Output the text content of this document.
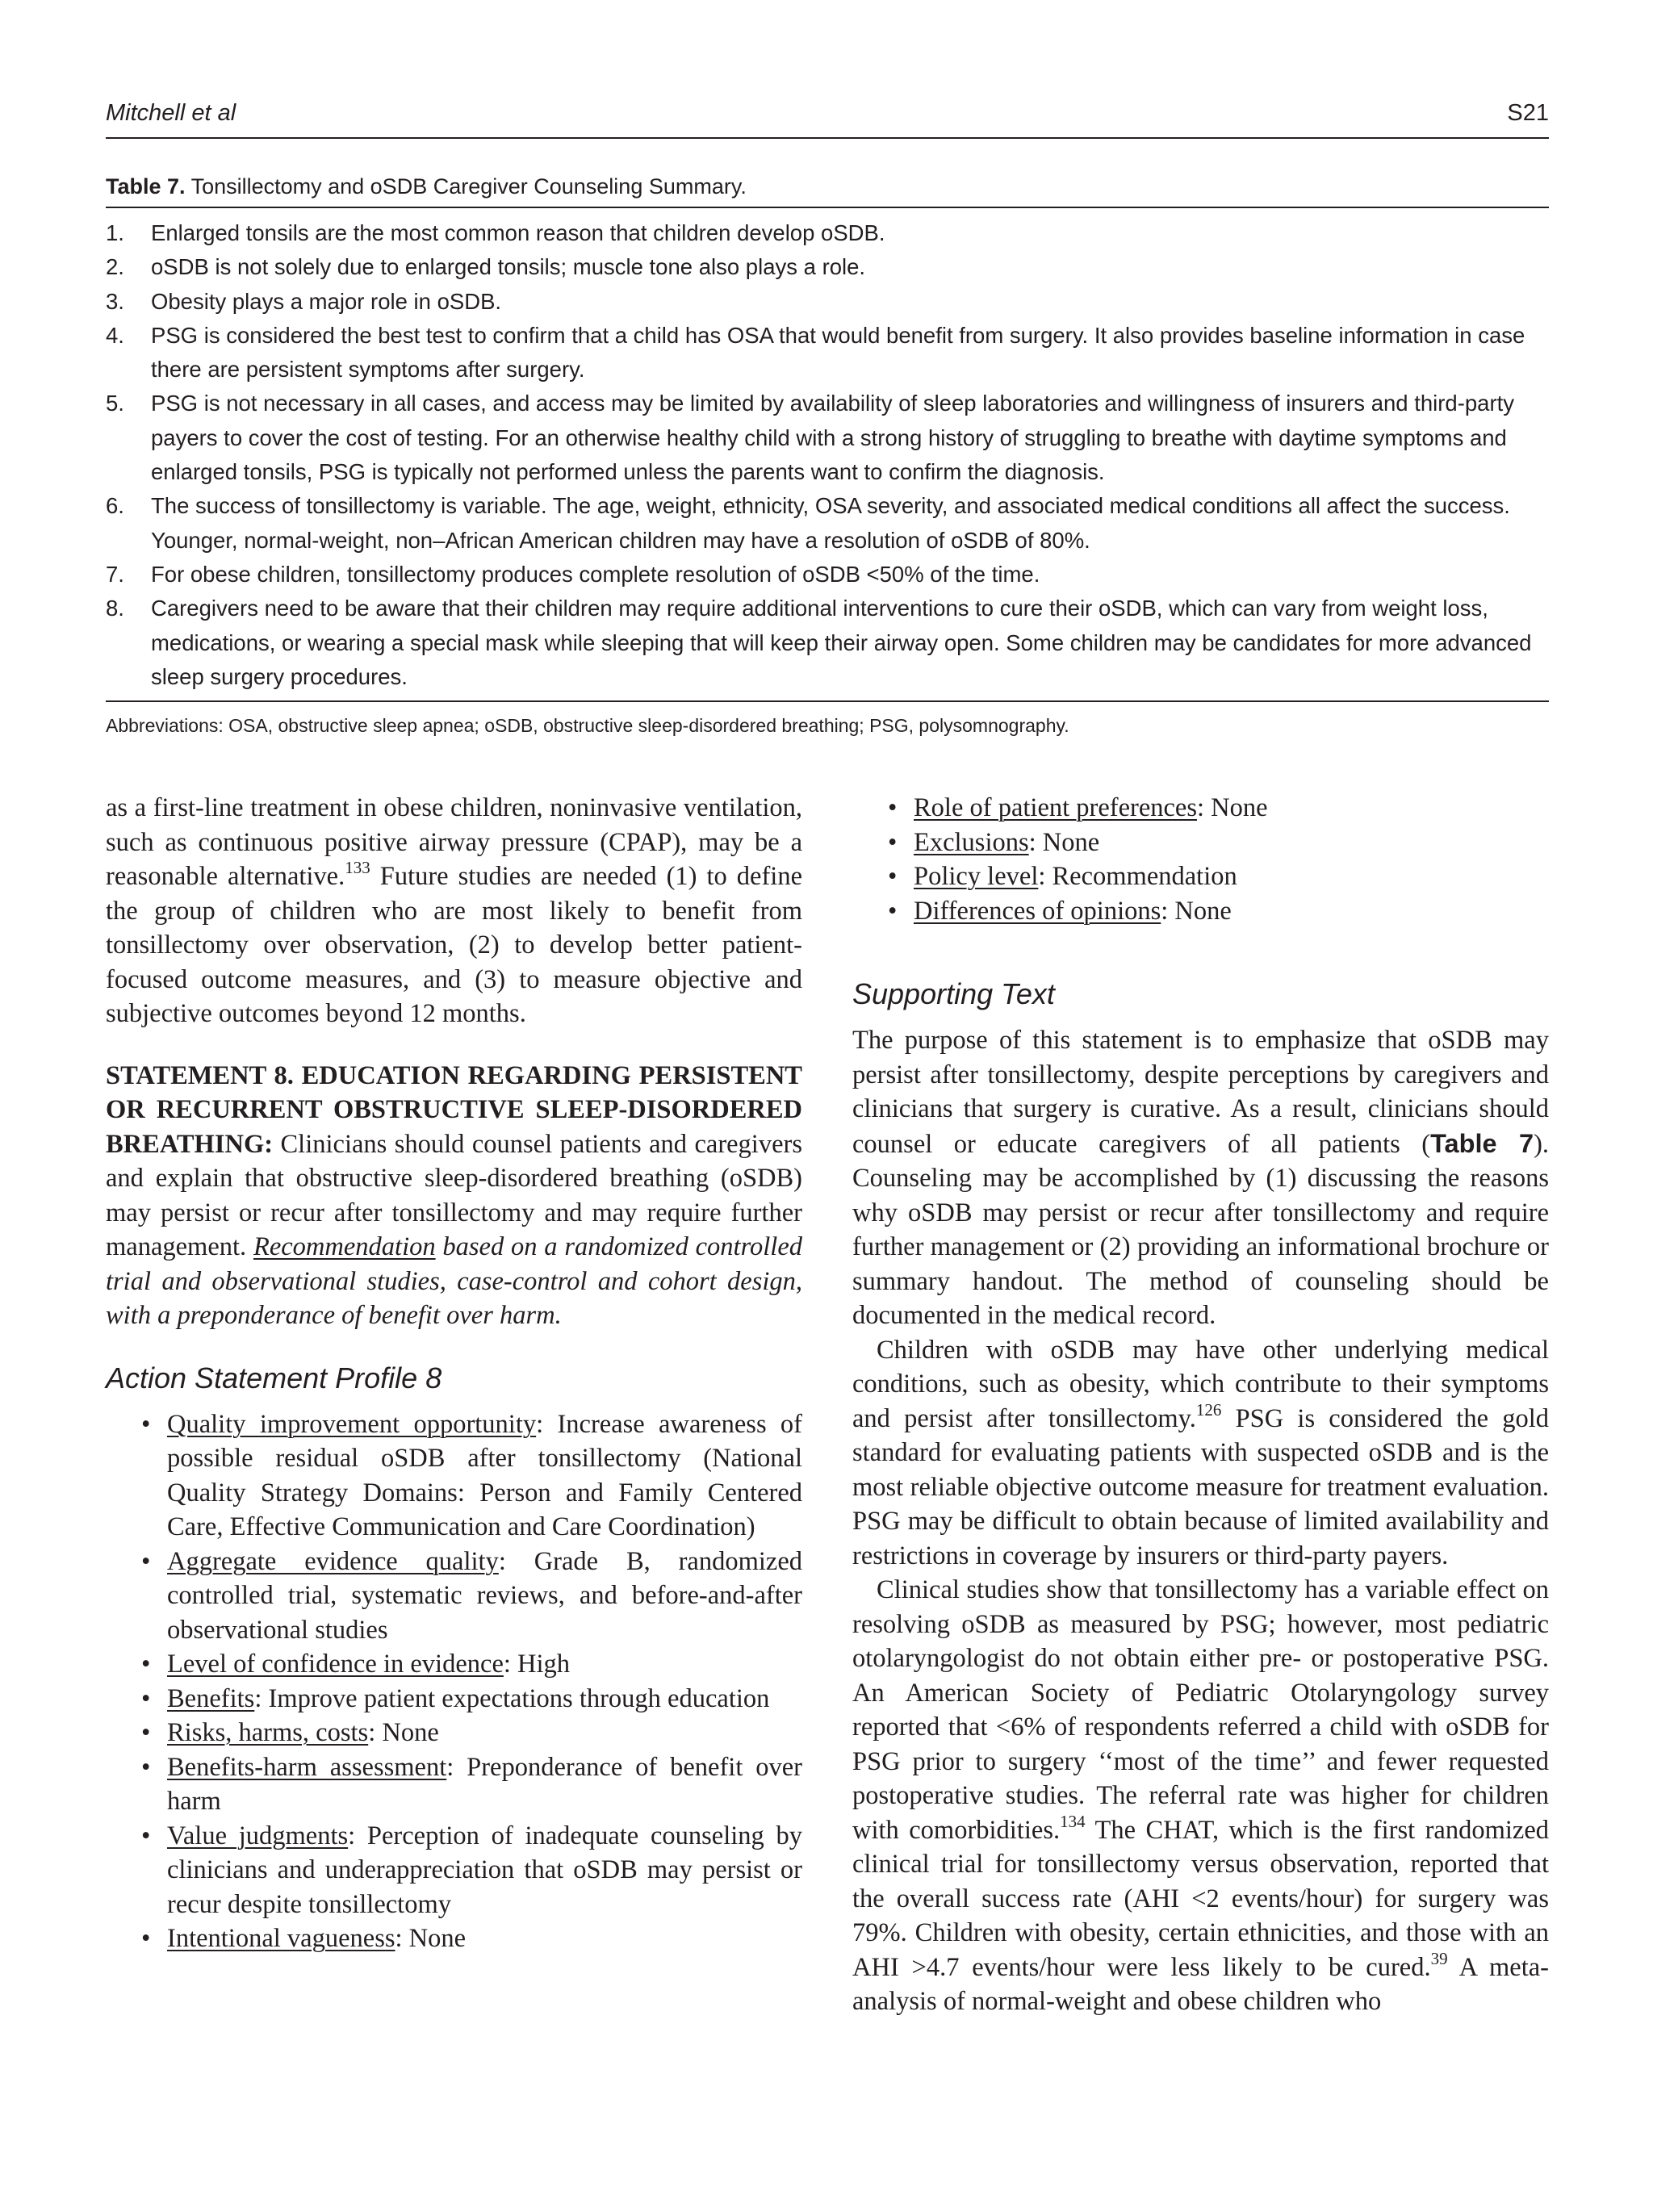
Mitchell et al	S21
Table 7. Tonsillectomy and oSDB Caregiver Counseling Summary.
1. Enlarged tonsils are the most common reason that children develop oSDB.
2. oSDB is not solely due to enlarged tonsils; muscle tone also plays a role.
3. Obesity plays a major role in oSDB.
4. PSG is considered the best test to confirm that a child has OSA that would benefit from surgery. It also provides baseline information in case there are persistent symptoms after surgery.
5. PSG is not necessary in all cases, and access may be limited by availability of sleep laboratories and willingness of insurers and third-party payers to cover the cost of testing. For an otherwise healthy child with a strong history of struggling to breathe with daytime symptoms and enlarged tonsils, PSG is typically not performed unless the parents want to confirm the diagnosis.
6. The success of tonsillectomy is variable. The age, weight, ethnicity, OSA severity, and associated medical conditions all affect the success. Younger, normal-weight, non–African American children may have a resolution of oSDB of 80%.
7. For obese children, tonsillectomy produces complete resolution of oSDB <50% of the time.
8. Caregivers need to be aware that their children may require additional interventions to cure their oSDB, which can vary from weight loss, medications, or wearing a special mask while sleeping that will keep their airway open. Some children may be candidates for more advanced sleep surgery procedures.
Abbreviations: OSA, obstructive sleep apnea; oSDB, obstructive sleep-disordered breathing; PSG, polysomnography.

as a first-line treatment in obese children, noninvasive ventilation, such as continuous positive airway pressure (CPAP), may be a reasonable alternative.$^{133}$ Future studies are needed (1) to define the group of children who are most likely to benefit from tonsillectomy over observation, (2) to develop better patient-focused outcome measures, and (3) to measure objective and subjective outcomes beyond 12 months.

STATEMENT 8. EDUCATION REGARDING PERSISTENT OR RECURRENT OBSTRUCTIVE SLEEP-DISORDERED BREATHING: Clinicians should counsel patients and caregivers and explain that obstructive sleep-disordered breathing (oSDB) may persist or recur after tonsillectomy and may require further management. Recommendation based on a randomized controlled trial and observational studies, case-control and cohort design, with a preponderance of benefit over harm.

Action Statement Profile 8
• Quality improvement opportunity: Increase awareness of possible residual oSDB after tonsillectomy (National Quality Strategy Domains: Person and Family Centered Care, Effective Communication and Care Coordination)
• Aggregate evidence quality: Grade B, randomized controlled trial, systematic reviews, and before-and-after observational studies
• Level of confidence in evidence: High
• Benefits: Improve patient expectations through education
• Risks, harms, costs: None
• Benefits-harm assessment: Preponderance of benefit over harm
• Value judgments: Perception of inadequate counseling by clinicians and underappreciation that oSDB may persist or recur despite tonsillectomy
• Intentional vagueness: None
• Role of patient preferences: None
• Exclusions: None
• Policy level: Recommendation
• Differences of opinions: None
Supporting Text

The purpose of this statement is to emphasize that oSDB may persist after tonsillectomy, despite perceptions by caregivers and clinicians that surgery is curative. As a result, clinicians should counsel or educate caregivers of all patients (Table 7). Counseling may be accomplished by (1) discussing the reasons why oSDB may persist or recur after tonsillectomy and require further management or (2) providing an informational brochure or summary handout. The method of counseling should be documented in the medical record.

Children with oSDB may have other underlying medical conditions, such as obesity, which contribute to their symptoms and persist after tonsillectomy.$^{126}$ PSG is considered the gold standard for evaluating patients with suspected oSDB and is the most reliable objective outcome measure for treatment evaluation. PSG may be difficult to obtain because of limited availability and restrictions in coverage by insurers or third-party payers.

Clinical studies show that tonsillectomy has a variable effect on resolving oSDB as measured by PSG; however, most pediatric otolaryngologist do not obtain either pre- or postoperative PSG. An American Society of Pediatric Otolaryngology survey reported that <6% of respondents referred a child with oSDB for PSG prior to surgery ‘‘most of the time’’ and fewer requested postoperative studies. The referral rate was higher for children with comorbidities.$^{134}$ The CHAT, which is the first randomized clinical trial for tonsillectomy versus observation, reported that the overall success rate (AHI <2 events/hour) for surgery was 79%. Children with obesity, certain ethnicities, and those with an AHI >4.7 events/hour were less likely to be cured.$^{39}$ A meta-analysis of normal-weight and obese children who
